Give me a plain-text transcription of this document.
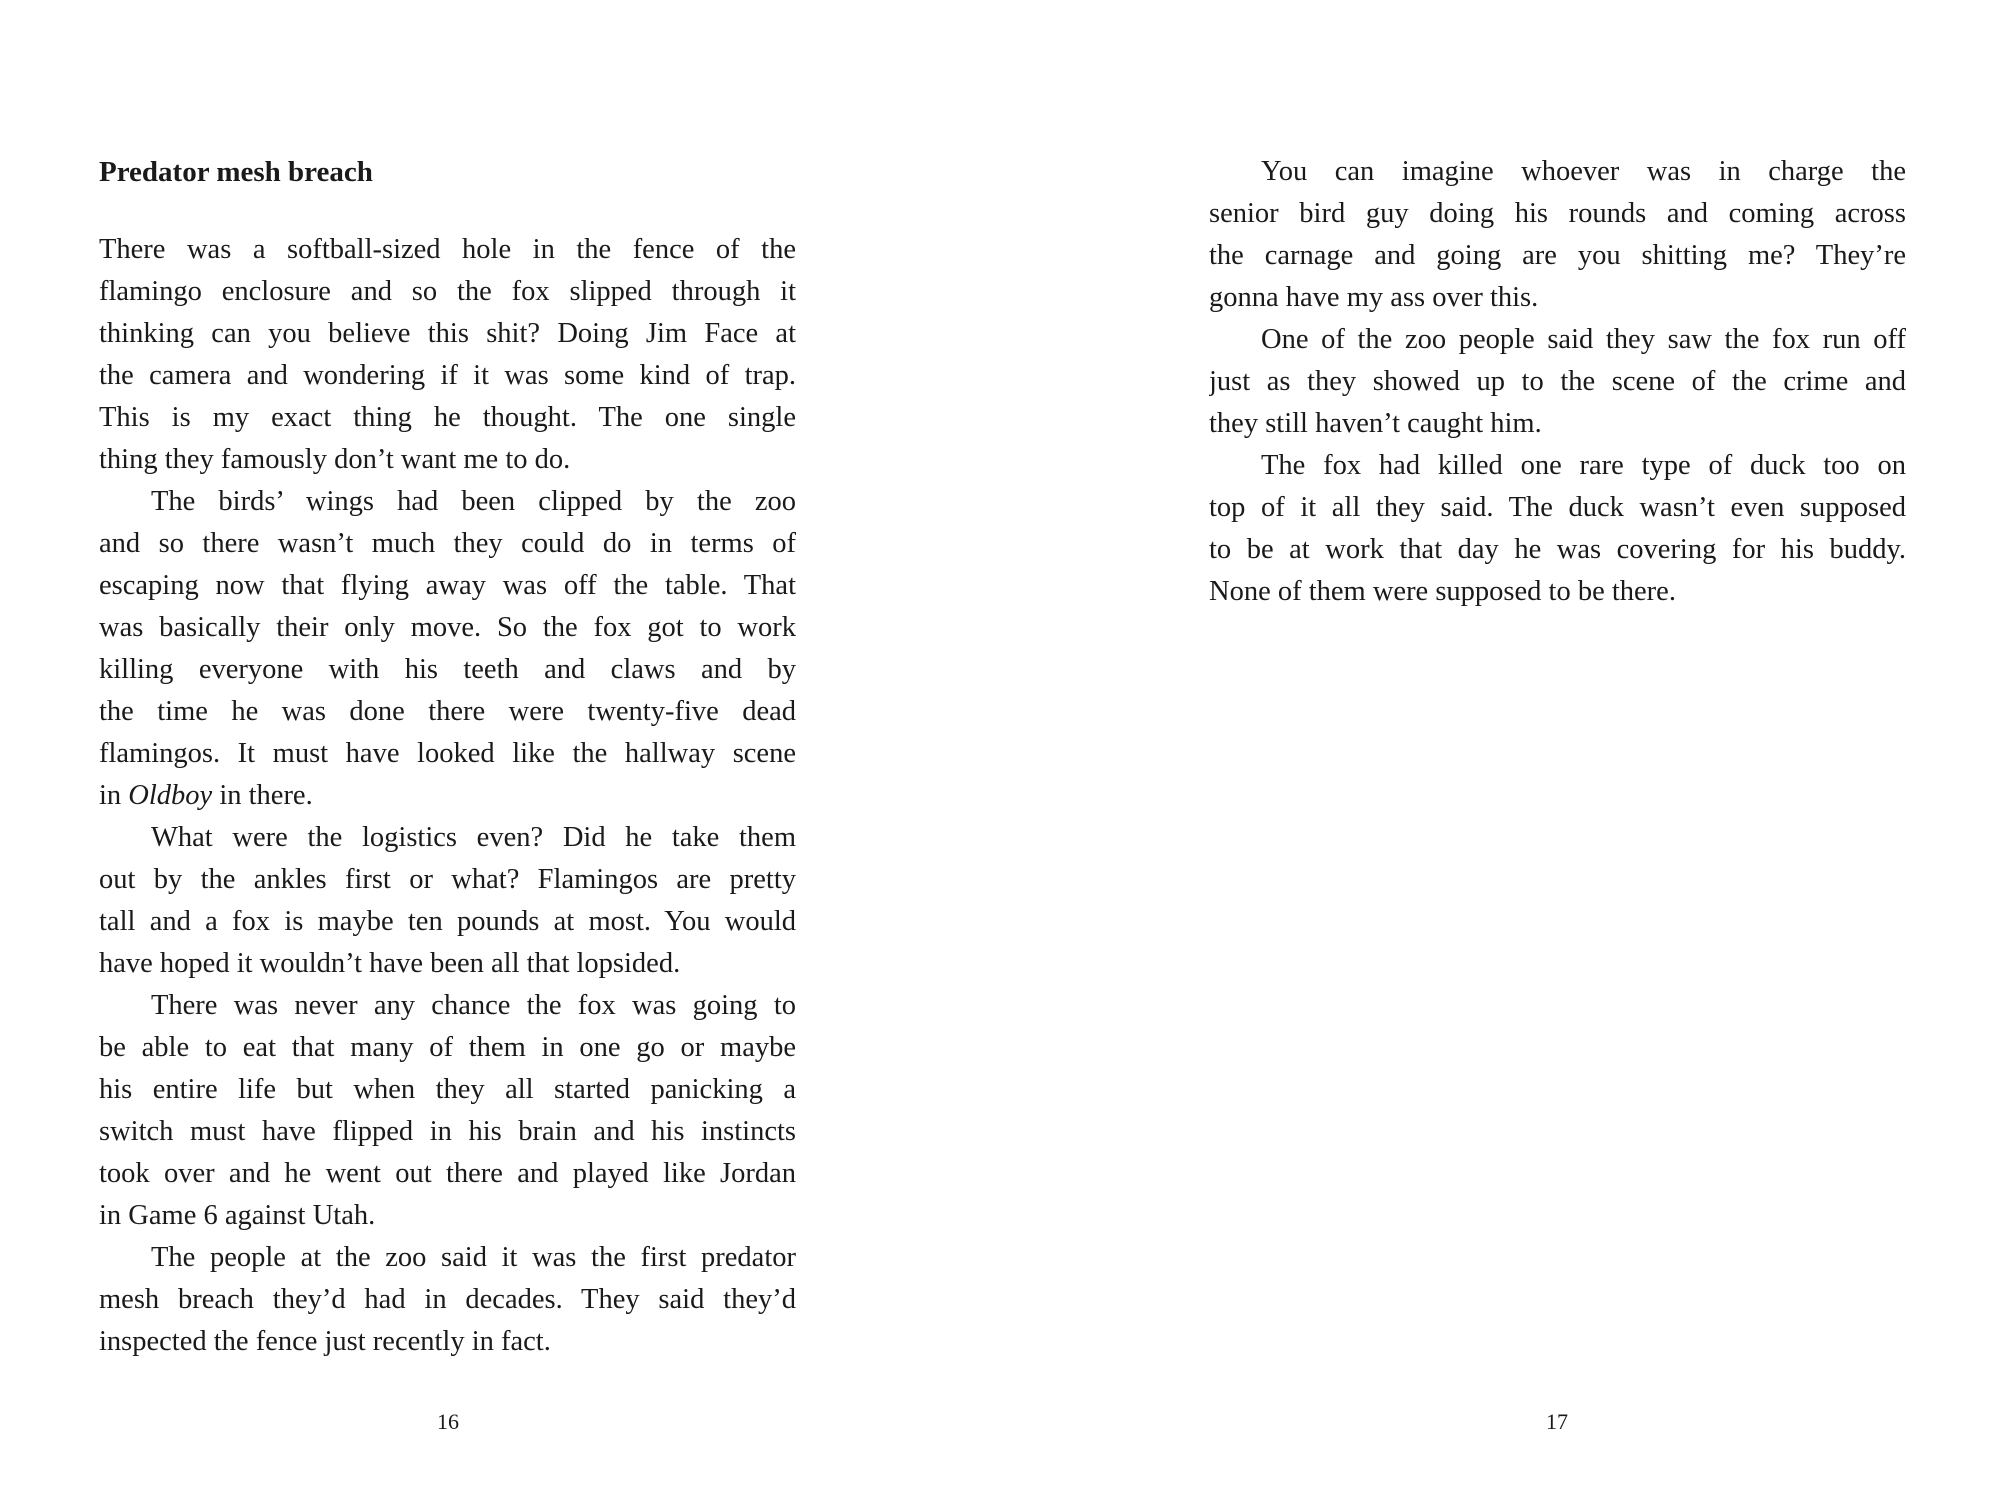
Predator mesh breach
There was a softball-sized hole in the fence of the
flamingo enclosure and so the fox slipped through it
thinking can you believe this shit? Doing Jim Face at
the camera and wondering if it was some kind of trap.
This is my exact thing he thought. The one single
thing they famously don’t want me to do.
The birds’ wings had been clipped by the zoo
and so there wasn’t much they could do in terms of
escaping now that flying away was off the table. That
was basically their only move. So the fox got to work
killing everyone with his teeth and claws and by
the time he was done there were twenty-five dead
flamingos. It must have looked like the hallway scene
in Oldboy in there.
What were the logistics even? Did he take them
out by the ankles first or what? Flamingos are pretty
tall and a fox is maybe ten pounds at most. You would
have hoped it wouldn’t have been all that lopsided.
There was never any chance the fox was going to
be able to eat that many of them in one go or maybe
his entire life but when they all started panicking a
switch must have flipped in his brain and his instincts
took over and he went out there and played like Jordan
in Game 6 against Utah.
The people at the zoo said it was the first predator
mesh breach they’d had in decades. They said they’d
inspected the fence just recently in fact.
16
You can imagine whoever was in charge the
senior bird guy doing his rounds and coming across
the carnage and going are you shitting me? They’re
gonna have my ass over this.
One of the zoo people said they saw the fox run off
just as they showed up to the scene of the crime and
they still haven’t caught him.
The fox had killed one rare type of duck too on
top of it all they said. The duck wasn’t even supposed
to be at work that day he was covering for his buddy.
None of them were supposed to be there.
17
